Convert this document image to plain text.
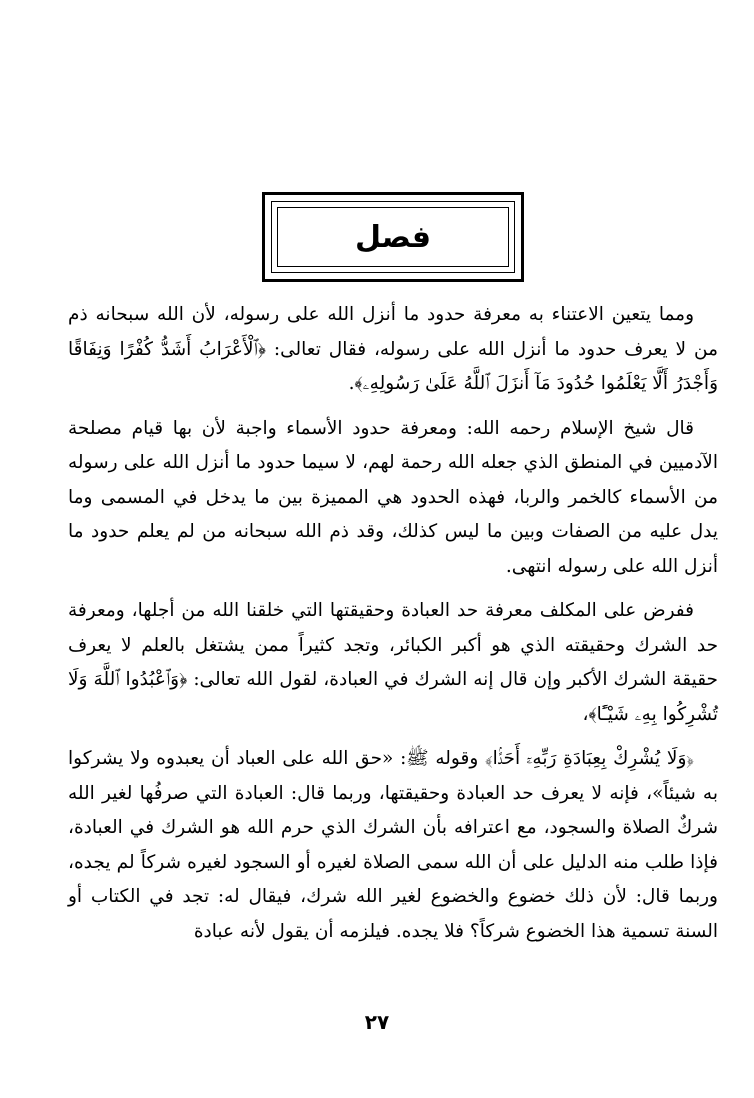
فصل

ومما يتعين الاعتناء به معرفة حدود ما أنزل الله على رسوله، لأن الله سبحانه ذم من لا يعرف حدود ما أنزل الله على رسوله، فقال تعالى: ﴿ٱلْأَعْرَابُ أَشَدُّ كُفْرًا وَنِفَاقًا وَأَجْدَرُ أَلَّا يَعْلَمُوا حُدُودَ مَآ أَنزَلَ ٱللَّهُ عَلَىٰ رَسُولِهِۦ﴾.

قال شيخ الإسلام رحمه الله: ومعرفة حدود الأسماء واجبة لأن بها قيام مصلحة الآدميين في المنطق الذي جعله الله رحمة لهم، لا سيما حدود ما أنزل الله على رسوله من الأسماء كالخمر والربا، فهذه الحدود هي المميزة بين ما يدخل في المسمى وما يدل عليه من الصفات وبين ما ليس كذلك، وقد ذم الله سبحانه من لم يعلم حدود ما أنزل الله على رسوله انتهى.

ففرض على المكلف معرفة حد العبادة وحقيقتها التي خلقنا الله من أجلها، ومعرفة حد الشرك وحقيقته الذي هو أكبر الكبائر، وتجد كثيراً ممن يشتغل بالعلم لا يعرف حقيقة الشرك الأكبر وإن قال إنه الشرك في العبادة، لقول الله تعالى: ﴿وَٱعْبُدُوا ٱللَّهَ وَلَا تُشْرِكُوا بِهِۦ شَيْـًٔا﴾،

﴿وَلَا يُشْرِكْ بِعِبَادَةِ رَبِّهِۦٓ أَحَدًۢا﴾ وقوله ﷺ: «حق الله على العباد أن يعبدوه ولا يشركوا به شيئاً»، فإنه لا يعرف حد العبادة وحقيقتها، وربما قال: العبادة التي صرفُها لغير الله شركٌ الصلاة والسجود، مع اعترافه بأن الشرك الذي حرم الله هو الشرك في العبادة، فإذا طلب منه الدليل على أن الله سمى الصلاة لغيره أو السجود لغيره شركاً لم يجده، وربما قال: لأن ذلك خضوع والخضوع لغير الله شرك، فيقال له: تجد في الكتاب أو السنة تسمية هذا الخضوع شركاً؟ فلا يجده. فيلزمه أن يقول لأنه عبادة

٢٧
